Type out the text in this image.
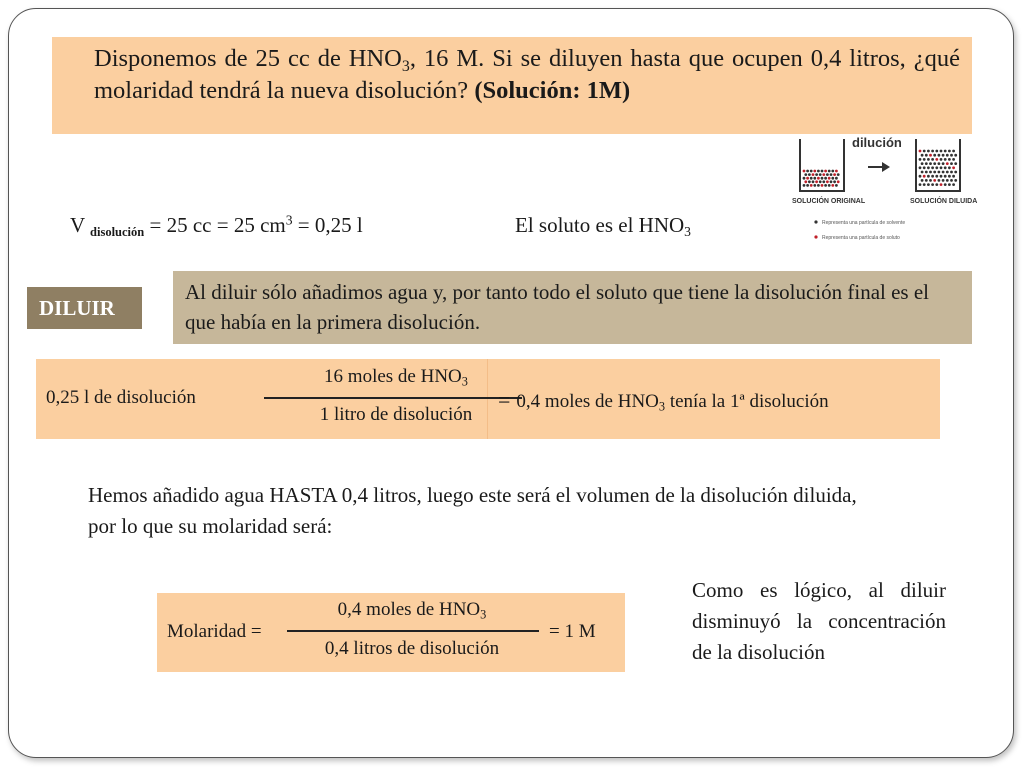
Disponemos de 25 cc de $HNO_3$, 16 M. Si se diluyen hasta que ocupen 0,4 litros, ¿qué molaridad tendrá la nueva disolución? (Solución: 1M)
V $_{disolución}$ = 25 cc = 25 $cm^3 = 0,25$ l	El soluto es el $HNO_3$
dilución
SOLUCIÓN ORIGINAL	SOLUCIÓN DILUIDA
Representa una partícula de solvente
Representa una partícula de soluto
DILUIR
Al diluir sólo añadimos agua y, por tanto todo el soluto que tiene la disolución final es el que había en la primera disolución.
0,25 l de disolución
16 moles de $HNO_3$
1 litro de disolución
= 0,4 moles de $HNO_3$ tenía la 1ª disolución
Hemos añadido agua HASTA 0,4 litros, luego este será el volumen de la disolución diluida, por lo que su molaridad será:
Molaridad =
0,4 moles de $HNO_3$
0,4 litros de disolución
= 1 M
Como es lógico, al diluir disminuyó la concentración de la disolución
